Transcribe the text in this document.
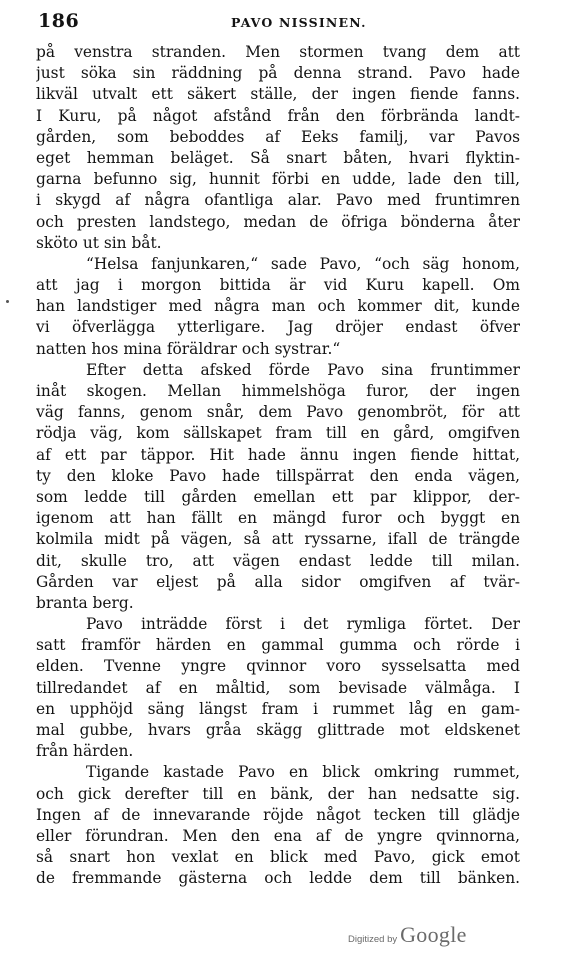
186	PAVO NISSINEN.
på venstra stranden. Men stormen tvang dem att
just söka sin räddning på denna strand. Pavo hade
likväl utvalt ett säkert ställe, der ingen fiende fanns.
I Kuru, på något afstånd från den förbrända landt-
gården, som beboddes af Eeks familj, var Pavos
eget hemman beläget. Så snart båten, hvari flyktin-
garna befunno sig, hunnit förbi en udde, lade den till,
i skygd af några ofantliga alar. Pavo med fruntimren
och presten landstego, medan de öfriga bönderna åter
sköto ut sin båt.
“Helsa fanjunkaren,“ sade Pavo, “och säg honom,
att jag i morgon bittida är vid Kuru kapell. Om
han landstiger med några man och kommer dit, kunde
vi öfverlägga ytterligare. Jag dröjer endast öfver
natten hos mina föräldrar och systrar.“
Efter detta afsked förde Pavo sina fruntimmer
inåt skogen. Mellan himmelshöga furor, der ingen
väg fanns, genom snår, dem Pavo genombröt, för att
rödja väg, kom sällskapet fram till en gård, omgifven
af ett par täppor. Hit hade ännu ingen fiende hittat,
ty den kloke Pavo hade tillspärrat den enda vägen,
som ledde till gården emellan ett par klippor, der-
igenom att han fällt en mängd furor och byggt en
kolmila midt på vägen, så att ryssarne, ifall de trängde
dit, skulle tro, att vägen endast ledde till milan.
Gården var eljest på alla sidor omgifven af tvär-
branta berg.
Pavo inträdde först i det rymliga förtet. Der
satt framför härden en gammal gumma och rörde i
elden. Tvenne yngre qvinnor voro sysselsatta med
tillredandet af en måltid, som bevisade välmåga. I
en upphöjd säng längst fram i rummet låg en gam-
mal gubbe, hvars gråa skägg glittrade mot eldskenet
från härden.
Tigande kastade Pavo en blick omkring rummet,
och gick derefter till en bänk, der han nedsatte sig.
Ingen af de innevarande röjde något tecken till glädje
eller förundran. Men den ena af de yngre qvinnorna,
så snart hon vexlat en blick med Pavo, gick emot
de fremmande gästerna och ledde dem till bänken.
Digitized by Google
